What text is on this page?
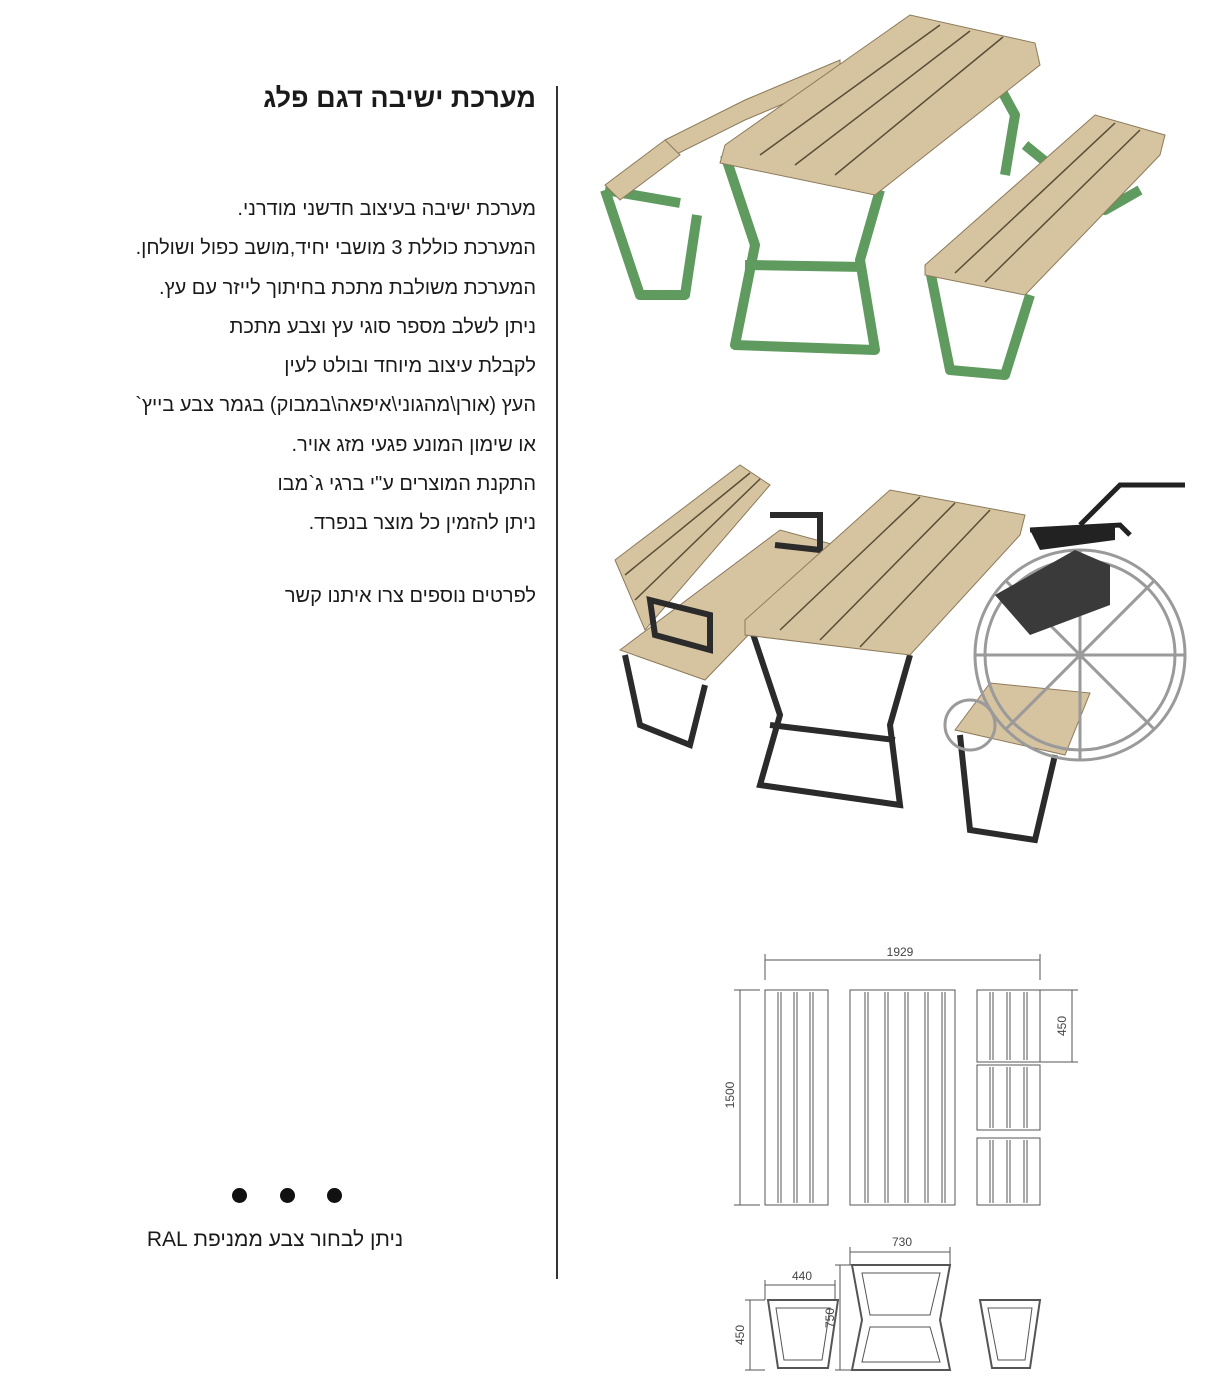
מערכת ישיבה דגם פלג
מערכת ישיבה בעיצוב חדשני מודרני.
המערכת כוללת 3 מושבי יחיד,מושב כפול ושולחן.
המערכת משולבת מתכת בחיתוך לייזר עם עץ.
ניתן לשלב מספר סוגי עץ וצבע מתכת
לקבלת עיצוב מיוחד ובולט לעין
העץ (אורן\מהגוני\איפאה\במבוק) בגמר צבע בייץ`
או שימון המונע פגעי מזג אויר.
התקנת המוצרים ע"י ברגי ג`מבו
ניתן להזמין כל מוצר בנפרד.
לפרטים נוספים צרו איתנו קשר
ניתן לבחור צבע ממניפת RAL
1929
1500
450
440
450
730
750
